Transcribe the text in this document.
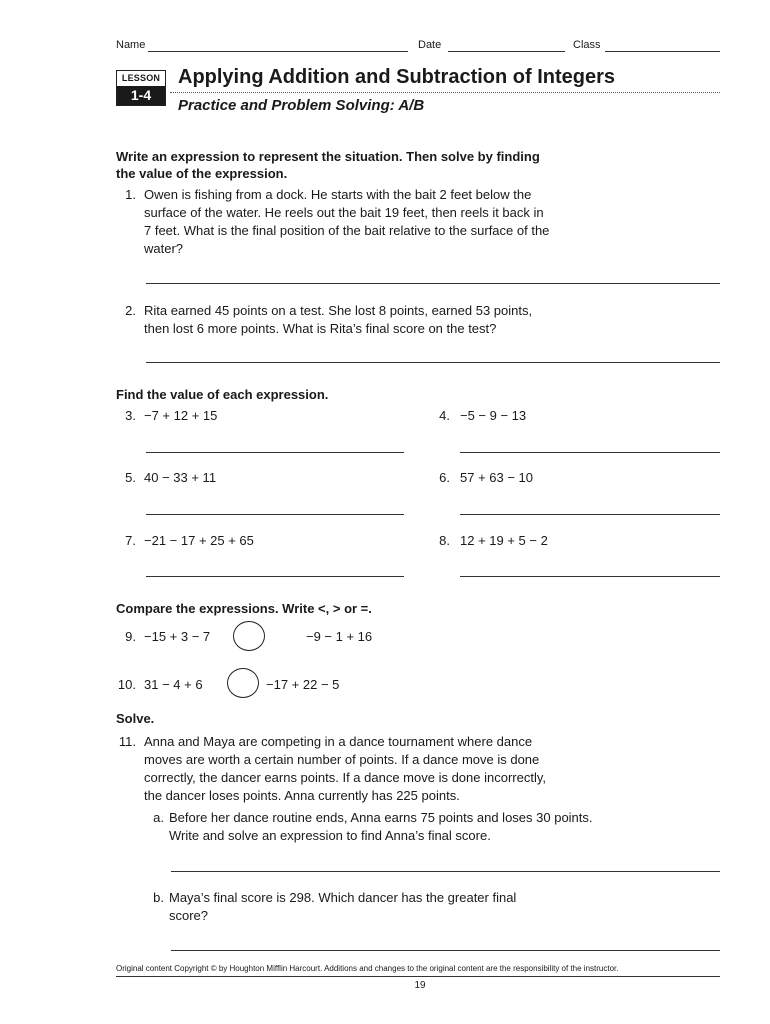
Name	Date	Class
LESSON
1-4
Applying Addition and Subtraction of Integers
Practice and Problem Solving: A/B
Write an expression to represent the situation. Then solve by finding
the value of the expression.
1. Owen is fishing from a dock. He starts with the bait 2 feet below the
surface of the water. He reels out the bait 19 feet, then reels it back in
7 feet. What is the final position of the bait relative to the surface of the
water?
2. Rita earned 45 points on a test. She lost 8 points, earned 53 points,
then lost 6 more points. What is Rita’s final score on the test?
Find the value of each expression.
3. −7 + 12 + 15	4. −5 − 9 − 13
5. 40 − 33 + 11	6. 57 + 63 − 10
7. −21 − 17 + 25 + 65	8. 12 + 19 + 5 − 2
Compare the expressions. Write <, > or =.
9. −15 + 3 − 7	−9 − 1 + 16
10. 31 − 4 + 6	−17 + 22 − 5
Solve.
11. Anna and Maya are competing in a dance tournament where dance
moves are worth a certain number of points. If a dance move is done
correctly, the dancer earns points. If a dance move is done incorrectly,
the dancer loses points. Anna currently has 225 points.
a. Before her dance routine ends, Anna earns 75 points and loses 30 points.
Write and solve an expression to find Anna’s final score.
b. Maya’s final score is 298. Which dancer has the greater final
score?
Original content Copyright © by Houghton Mifflin Harcourt. Additions and changes to the original content are the responsibility of the instructor.
19
